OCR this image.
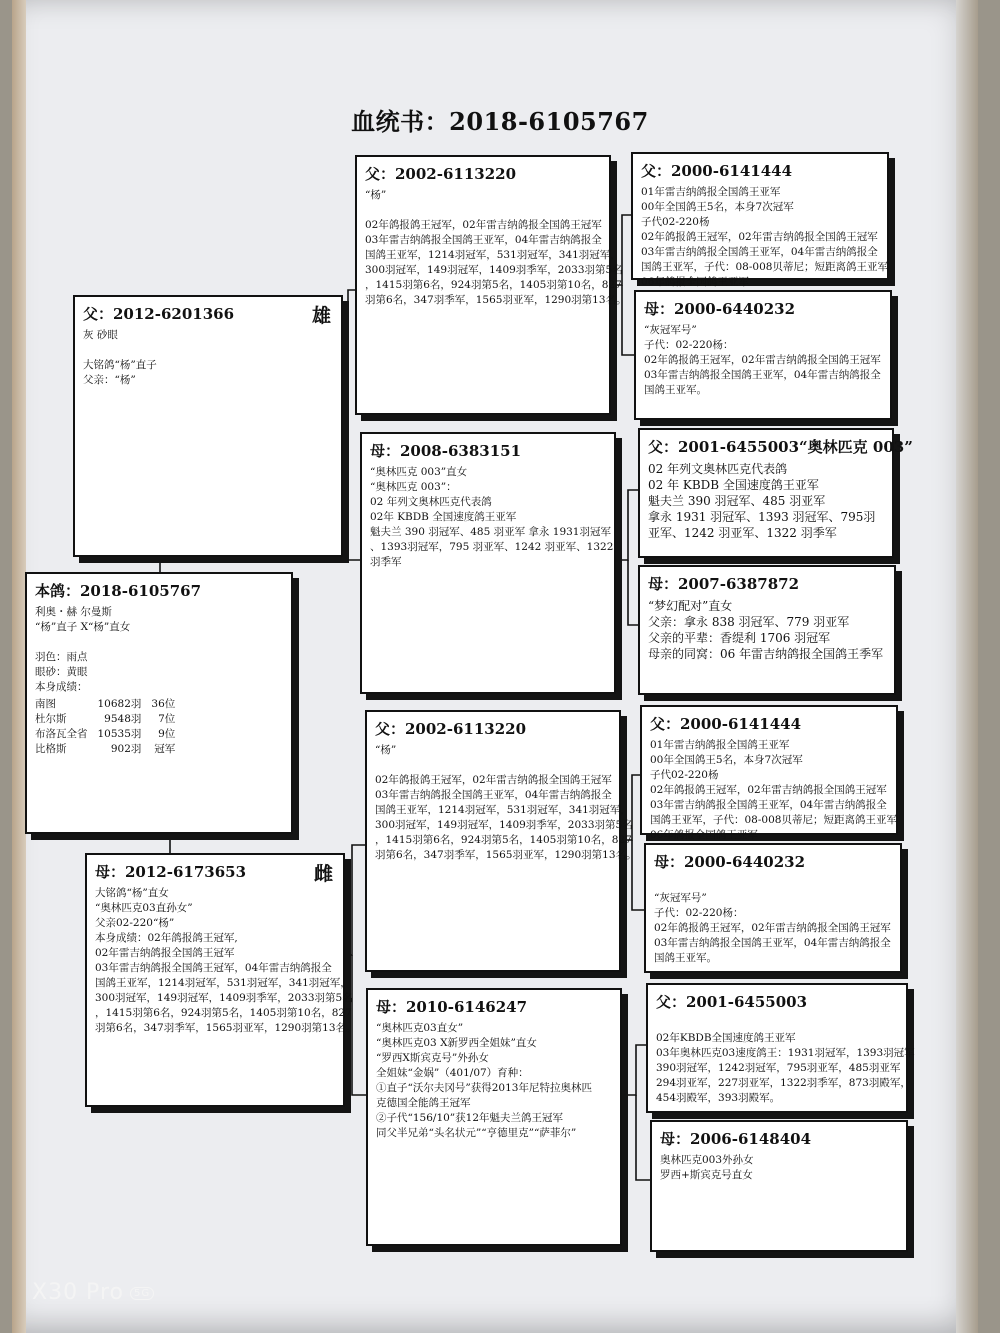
血统书：2018-6105767
父：2012-6201366	雄
灰 砂眼

大铭鸽“杨”直子
父亲：“杨”
本鸽：2018-6105767
利奥・赫 尔曼斯
“杨”直子 X“杨”直女

羽色：雨点
眼砂：黄眼
本身成绩：
南图	10682羽	36位
杜尔斯	9548羽	7位
布洛瓦全省	10535羽	9位
比格斯	902羽	冠军
母：2012-6173653	雌
大铭鸽“杨”直女
“奥林匹克03直孙女”
父亲02-220“杨”
本身成绩：02年鸽报鸽王冠军,
02年雷吉纳鸽报全国鸽王冠军
03年雷吉纳鸽报全国鸽王冠军，04年雷吉纳鸽报全
国鸽王亚军，1214羽冠军，531羽冠军，341羽冠军，
300羽冠军，149羽冠军，1409羽季军，2033羽第5名
，1415羽第6名，924羽第5名，1405羽第10名，827
羽第6名，347羽季军，1565羽亚军，1290羽第13名。
父：2002-6113220
“杨”

02年鸽报鸽王冠军，02年雷吉纳鸽报全国鸽王冠军
03年雷吉纳鸽报全国鸽王亚军，04年雷吉纳鸽报全
国鸽王亚军，1214羽冠军，531羽冠军，341羽冠军，
300羽冠军，149羽冠军，1409羽季军，2033羽第5名
，1415羽第6名，924羽第5名，1405羽第10名，827
羽第6名，347羽季军，1565羽亚军，1290羽第13名。
母：2008-6383151
“奥林匹克 003”直女
“奥林匹克 003”：
02 年列文奥林匹克代表鸽
02年 KBDB 全国速度鸽王亚军
魁夫兰 390 羽冠军、485 羽亚军 拿永 1931羽冠军
、1393羽冠军，795 羽亚军、1242 羽亚军、1322
羽季军
父：2002-6113220
“杨”

02年鸽报鸽王冠军，02年雷吉纳鸽报全国鸽王冠军
03年雷吉纳鸽报全国鸽王亚军，04年雷吉纳鸽报全
国鸽王亚军，1214羽冠军，531羽冠军，341羽冠军，
300羽冠军，149羽冠军，1409羽季军，2033羽第5名
，1415羽第6名，924羽第5名，1405羽第10名，827
羽第6名，347羽季军，1565羽亚军，1290羽第13名。
母：2010-6146247
“奥林匹克03直女”
“奥林匹克03 X新罗西全姐妹”直女
“罗西X斯宾克号”外孙女
全姐妹“金娲”（401/07）育种：
①直子“沃尔夫冈号”获得2013年尼特拉奥林匹
克德国全能鸽王冠军
②子代“156/10”获12年魁夫兰鸽王冠军
同父半兄弟“头名状元”“亨德里克”“萨菲尔”
父：2000-6141444
01年雷吉纳鸽报全国鸽王亚军
00年全国鸽王5名，本身7次冠军
子代02-220杨
02年鸽报鸽王冠军，02年雷吉纳鸽报全国鸽王冠军
03年雷吉纳鸽报全国鸽王亚军，04年雷吉纳鸽报全
国鸽王亚军，子代：08-008贝蒂尼；短距离鸽王亚军
06年鸽报全国鸽王亚军
母：2000-6440232
“灰冠军号”
子代：02-220杨：
02年鸽报鸽王冠军，02年雷吉纳鸽报全国鸽王冠军
03年雷吉纳鸽报全国鸽王亚军，04年雷吉纳鸽报全
国鸽王亚军。
父：2001-6455003“奥林匹克 003”
02 年列文奥林匹克代表鸽
02 年 KBDB 全国速度鸽王亚军
魁夫兰 390 羽冠军、485 羽亚军
拿永 1931 羽冠军、1393 羽冠军、795羽
亚军、1242 羽亚军、1322 羽季军
母：2007-6387872
“梦幻配对”直女
父亲：拿永 838 羽冠军、779 羽亚军
父亲的平辈：香缇利 1706 羽冠军
母亲的同窝：06 年雷吉纳鸽报全国鸽王季军
父：2000-6141444
01年雷吉纳鸽报全国鸽王亚军
00年全国鸽王5名，本身7次冠军
子代02-220杨
02年鸽报鸽王冠军，02年雷吉纳鸽报全国鸽王冠军
03年雷吉纳鸽报全国鸽王亚军，04年雷吉纳鸽报全
国鸽王亚军，子代：08-008贝蒂尼；短距离鸽王亚军
06年鸽报全国鸽王亚军
母：2000-6440232

“灰冠军号”
子代：02-220杨：
02年鸽报鸽王冠军，02年雷吉纳鸽报全国鸽王冠军
03年雷吉纳鸽报全国鸽王亚军，04年雷吉纳鸽报全
国鸽王亚军。
父：2001-6455003

02年KBDB全国速度鸽王亚军
03年奥林匹克03速度鸽王：1931羽冠军，1393羽冠军
390羽冠军，1242羽冠军，795羽亚军，485羽亚军
294羽亚军，227羽亚军，1322羽季军，873羽殿军，
454羽殿军，393羽殿军。
母：2006-6148404
奥林匹克003外孙女
罗西+斯宾克号直女
X30 Pro 5G
